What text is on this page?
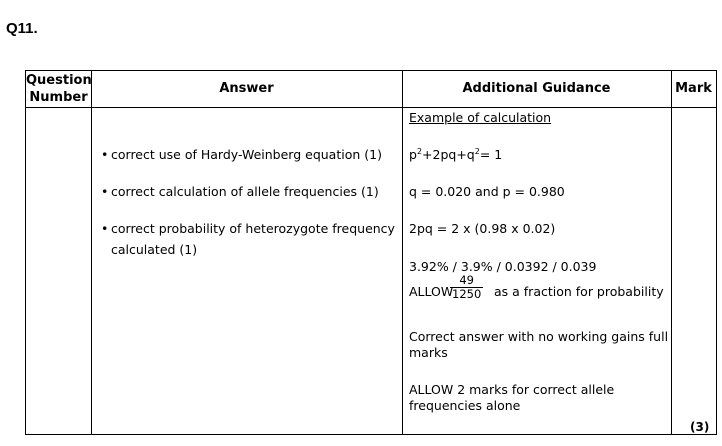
Q11.
Question
Number
Answer	Additional Guidance	Mark
• correct use of Hardy-Weinberg equation (1)
• correct calculation of allele frequencies (1)
• correct probability of heterozygote frequency
calculated (1)
Example of calculation
$p^2+2pq+q^2= 1$
q = 0.020 and p = 0.980
2pq = 2 x (0.98 x 0.02)
3.92% / 3.9% / 0.0392 / 0.039
ALLOW
$\frac{49}{1250}$ as a fraction for probability
Correct answer with no working gains full
marks
ALLOW 2 marks for correct allele
frequencies alone
(3)
